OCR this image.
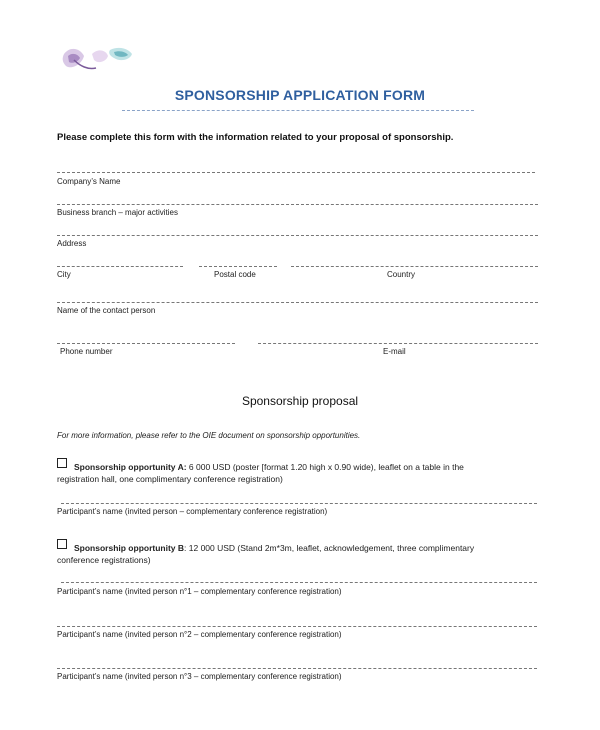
SPONSORSHIP APPLICATION FORM
Please complete this form with the information related to your proposal of sponsorship.
Company’s Name
Business branch – major activities
Address
City	Postal code	Country
Name of the contact person
Phone number	E-mail
Sponsorship proposal
For more information, please refer to the OIE document on sponsorship opportunities.
Sponsorship opportunity A: 6 000 USD (poster [format 1.20 high x 0.90 wide), leaflet on a table in the
registration hall, one complimentary conference registration)
Participant’s name (invited person – complementary conference registration)
Sponsorship opportunity B: 12 000 USD (Stand 2m*3m, leaflet, acknowledgement, three complimentary
conference registrations)
Participant’s name (invited person n°1 – complementary conference registration)
Participant’s name (invited person n°2 – complementary conference registration)
Participant’s name (invited person n°3 – complementary conference registration)
